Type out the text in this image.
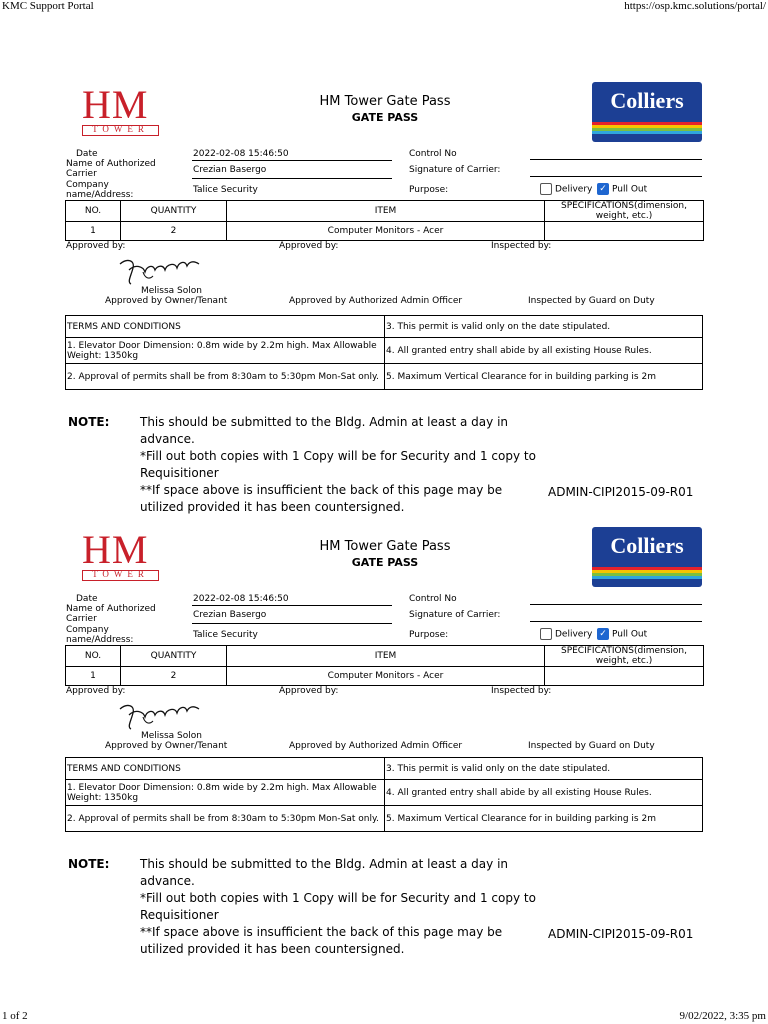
KMC Support Portal	https://osp.kmc.solutions/portal/
HM
TOWER
HM Tower Gate Pass
GATE PASS
Colliers
Date	2022-02-08 15:46:50
Name of Authorized Carrier	Crezian Basergo
Company name/Address:	Talice Security
Control No
Signature of Carrier:
Purpose:	Delivery ✓ Pull Out
NO.	QUANTITY	ITEM	SPECIFICATIONS(dimension, weight, etc.)
1	2	Computer Monitors - Acer	
Approved by:	Approved by:	Inspected by:
Melissa Solon
Approved by Owner/Tenant	Approved by Authorized Admin Officer	Inspected by Guard on Duty
TERMS AND CONDITIONS	3. This permit is valid only on the date stipulated.
1. Elevator Door Dimension: 0.8m wide by 2.2m high. Max Allowable Weight: 1350kg	4. All granted entry shall abide by all existing House Rules.
2. Approval of permits shall be from 8:30am to 5:30pm Mon-Sat only.	5. Maximum Vertical Clearance for in building parking is 2m
NOTE:	This should be submitted to the Bldg. Admin at least a day in advance.
*Fill out both copies with 1 Copy will be for Security and 1 copy to Requisitioner
**If space above is insufficient the back of this page may be utilized provided it has been countersigned.
ADMIN-CIPI2015-09-R01
HM
TOWER
HM Tower Gate Pass
GATE PASS
Colliers
Date	2022-02-08 15:46:50
Name of Authorized Carrier	Crezian Basergo
Company name/Address:	Talice Security
Control No
Signature of Carrier:
Purpose:	Delivery ✓ Pull Out
NO.	QUANTITY	ITEM	SPECIFICATIONS(dimension, weight, etc.)
1	2	Computer Monitors - Acer	
Approved by:	Approved by:	Inspected by:
Melissa Solon
Approved by Owner/Tenant	Approved by Authorized Admin Officer	Inspected by Guard on Duty
TERMS AND CONDITIONS	3. This permit is valid only on the date stipulated.
1. Elevator Door Dimension: 0.8m wide by 2.2m high. Max Allowable Weight: 1350kg	4. All granted entry shall abide by all existing House Rules.
2. Approval of permits shall be from 8:30am to 5:30pm Mon-Sat only.	5. Maximum Vertical Clearance for in building parking is 2m
NOTE:	This should be submitted to the Bldg. Admin at least a day in advance.
*Fill out both copies with 1 Copy will be for Security and 1 copy to Requisitioner
**If space above is insufficient the back of this page may be utilized provided it has been countersigned.
ADMIN-CIPI2015-09-R01
1 of 2	9/02/2022, 3:35 pm
